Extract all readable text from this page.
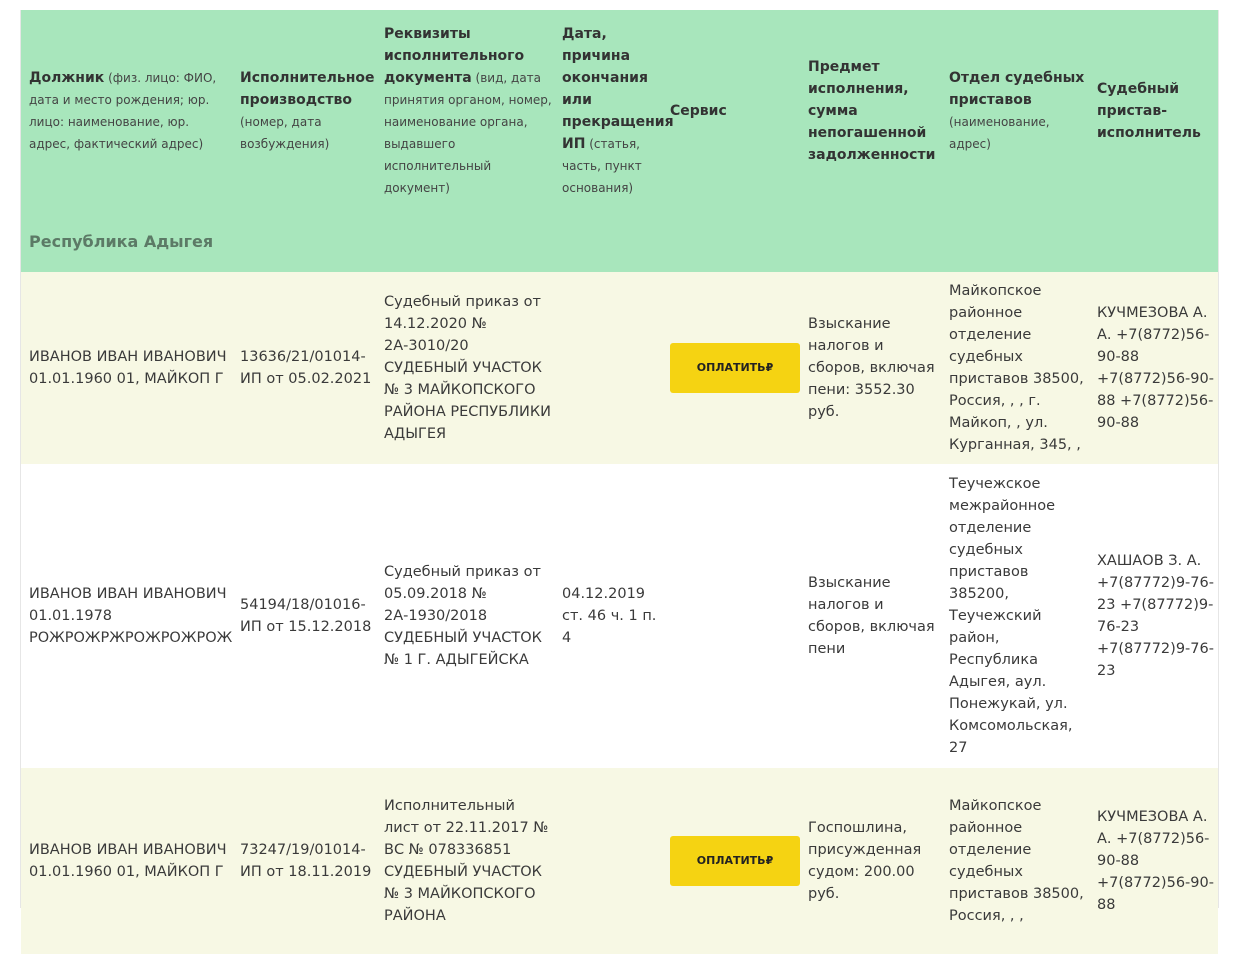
Должник (физ. лицо: ФИО, дата и место рождения; юр. лицо: наименование, юр. адрес, фактический адрес)	Исполнительное производство (номер, дата возбуждения)	Реквизиты исполнительного документа (вид, дата принятия органом, номер, наименование органа, выдавшего исполнительный документ)	Дата, причина окончания или прекращения ИП (статья, часть, пункт основания)	Сервис	Предмет исполнения, сумма непогашенной задолженности	Отдел судебных приставов (наименование, адрес)	Судебный пристав-исполнитель
Республика Адыгея							
ИВАНОВ ИВАН ИВАНОВИЧ 01.01.1960 01, МАЙКОП Г	13636/21/01014-ИП от 05.02.2021	Судебный приказ от 14.12.2020 № 2А-3010/20 СУДЕБНЫЙ УЧАСТОК № 3 МАЙКОПСКОГО РАЙОНА РЕСПУБЛИКИ АДЫГЕЯ		ОПЛАТИТЬ₽	Взыскание налогов и сборов, включая пени: 3552.30 руб.	Майкопское районное отделение судебных приставов 38500, Россия, , , г. Майкоп, , ул. Курганная, 345, ,	КУЧМЕЗОВА А. А. +7(8772)56-90-88 +7(8772)56-90-88 +7(8772)56-90-88
ИВАНОВ ИВАН ИВАНОВИЧ 01.01.1978 РОЖРОЖРЖРОЖРОЖРОЖ	54194/18/01016-ИП от 15.12.2018	Судебный приказ от 05.09.2018 № 2А-1930/2018 СУДЕБНЫЙ УЧАСТОК № 1 Г. АДЫГЕЙСКА	04.12.2019 ст. 46 ч. 1 п. 4		Взыскание налогов и сборов, включая пени	Теучежское межрайонное отделение судебных приставов 385200, Теучежский район, Республика Адыгея, аул. Понежукай, ул. Комсомольская, 27	ХАШАОВ З. А. +7(87772)9-76-23 +7(87772)9-76-23 +7(87772)9-76-23
ИВАНОВ ИВАН ИВАНОВИЧ 01.01.1960 01, МАЙКОП Г	73247/19/01014-ИП от 18.11.2019	Исполнительный лист от 22.11.2017 № ВС № 078336851 СУДЕБНЫЙ УЧАСТОК № 3 МАЙКОПСКОГО РАЙОНА		ОПЛАТИТЬ₽	Госпошлина, присужденная судом: 200.00 руб.	Майкопское районное отделение судебных приставов 38500, Россия, , ,	КУЧМЕЗОВА А. А. +7(8772)56-90-88 +7(8772)56-90-88
